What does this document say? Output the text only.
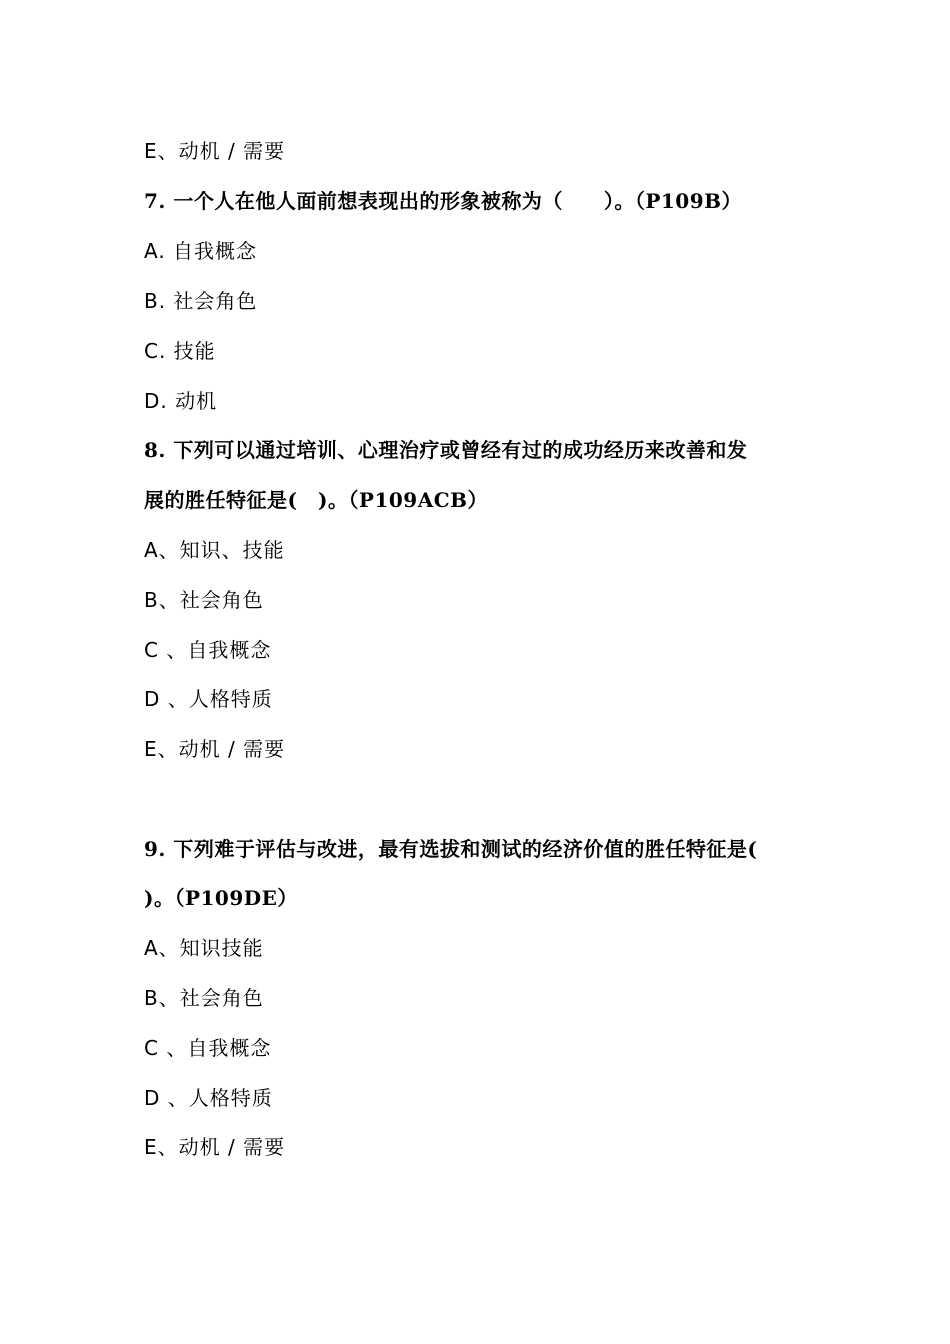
E、动机 / 需要
7. 一个人在他人面前想表现出的形象被称为（　　）。（P109B）
A. 自我概念
B. 社会角色
C. 技能
D. 动机
8. 下列可以通过培训、心理治疗或曾经有过的成功经历来改善和发
展的胜任特征是(　)。（P109ACB）
A、知识、技能
B、社会角色
C 、自我概念
D 、人格特质
E、动机 / 需要
9. 下列难于评估与改进，最有选拔和测试的经济价值的胜任特征是(
)。（P109DE）
A、知识技能
B、社会角色
C 、自我概念
D 、人格特质
E、动机 / 需要
